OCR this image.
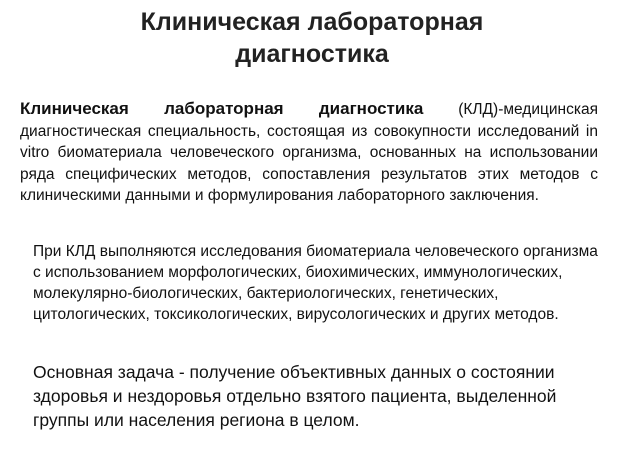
Клиническая лабораторная
диагностика
Клиническая лабораторная диагностика (КЛД)-медицинская диагностическая специальность, состоящая из совокупности исследований in vitro биоматериала человеческого организма, основанных на использовании ряда специфических методов, сопоставления результатов этих методов с клиническими данными и формулирования лабораторного заключения.
При КЛД выполняются исследования биоматериала человеческого организма с использованием морфологических, биохимических, иммунологических, молекулярно-биологических, бактериологических, генетических, цитологических, токсикологических, вирусологических и других методов.
Основная задача - получение объективных данных о состоянии здоровья и нездоровья отдельно взятого пациента, выделенной группы или населения региона в целом.
